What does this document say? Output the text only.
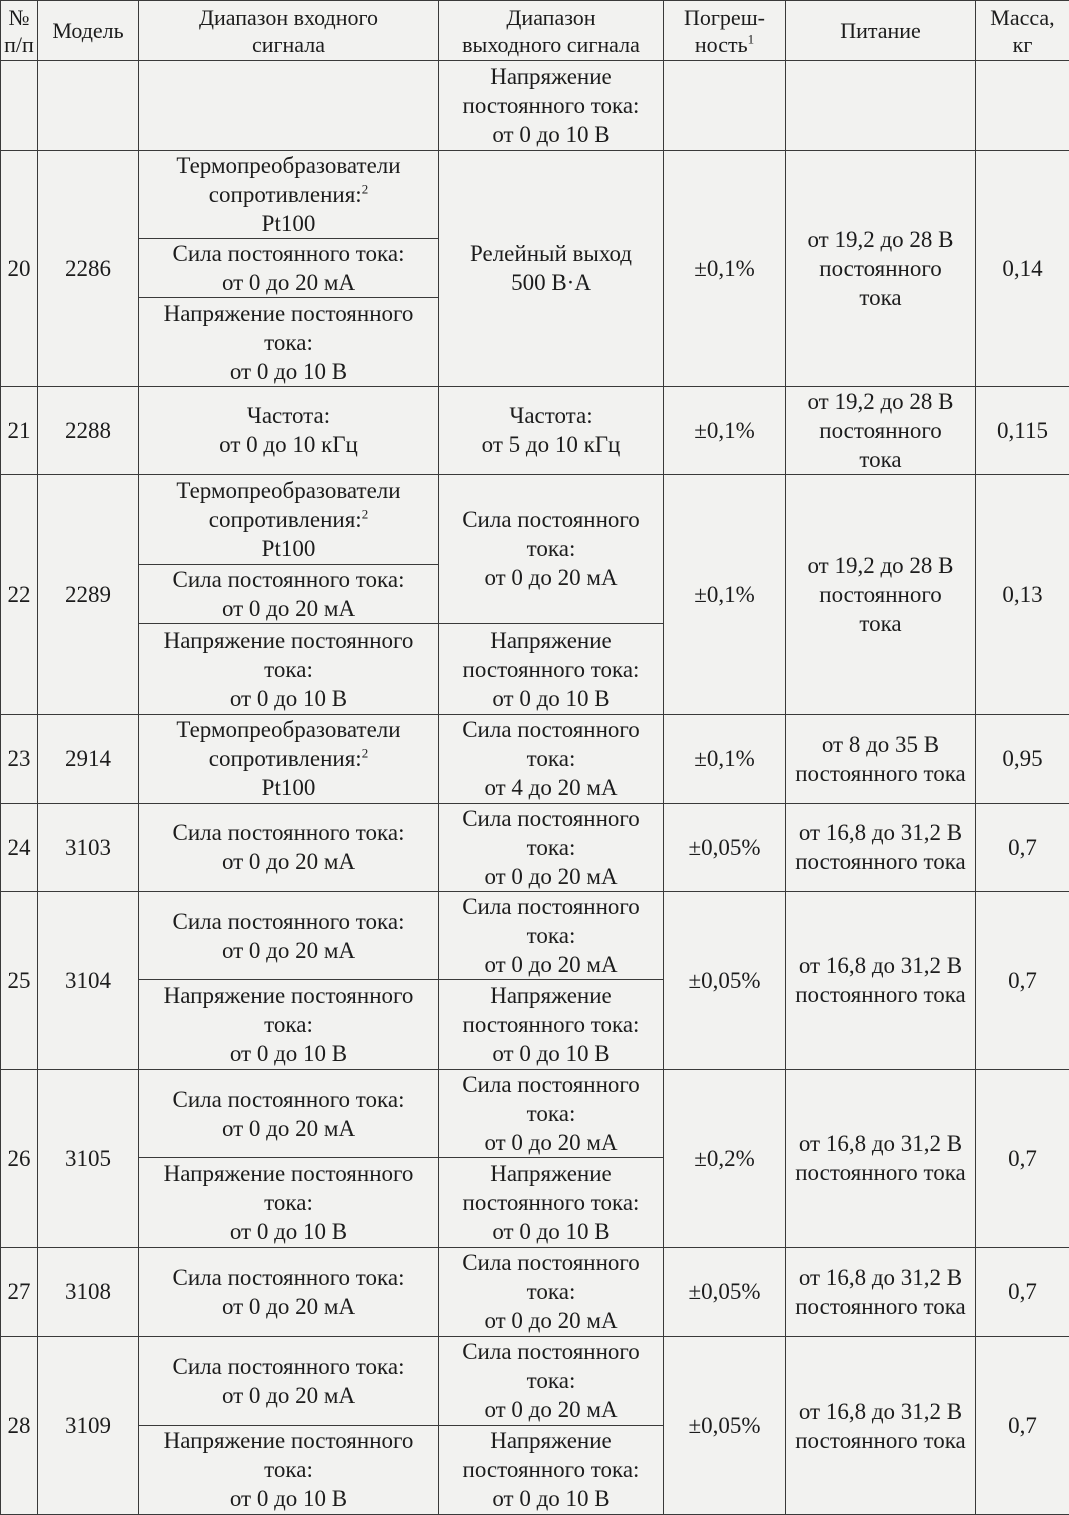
№
п/п	Модель	Диапазон входного
сигнала	Диапазон
выходного сигнала	Погреш-
ность$^1$	Питание	Масса,
кг
			Напряжение
постоянного тока:
от 0 до 10 В			
20	2286	Термопреобразователи
сопротивления:$^2$
Pt100	Релейный выход
500 В·А	±0,1%	от 19,2 до 28 В
постоянного
тока	0,14
		Сила постоянного тока:
от 0 до 20 мА				
		Напряжение постоянного
тока:
от 0 до 10 В				
21	2288	Частота:
от 0 до 10 кГц	Частота:
от 5 до 10 кГц	±0,1%	от 19,2 до 28 В
постоянного
тока	0,115
22	2289	Термопреобразователи
сопротивления:$^2$
Pt100	Сила постоянного
тока:
от 0 до 20 мА	±0,1%	от 19,2 до 28 В
постоянного
тока	0,13
		Сила постоянного тока:
от 0 до 20 мА				
		Напряжение постоянного
тока:
от 0 до 10 В	Напряжение
постоянного тока:
от 0 до 10 В			
23	2914	Термопреобразователи
сопротивления:$^2$
Pt100	Сила постоянного
тока:
от 4 до 20 мА	±0,1%	от 8 до 35 В
постоянного тока	0,95
24	3103	Сила постоянного тока:
от 0 до 20 мА	Сила постоянного
тока:
от 0 до 20 мА	±0,05%	от 16,8 до 31,2 В
постоянного тока	0,7
25	3104	Сила постоянного тока:
от 0 до 20 мА	Сила постоянного
тока:
от 0 до 20 мА	±0,05%	от 16,8 до 31,2 В
постоянного тока	0,7
		Напряжение постоянного
тока:
от 0 до 10 В	Напряжение
постоянного тока:
от 0 до 10 В			
26	3105	Сила постоянного тока:
от 0 до 20 мА	Сила постоянного
тока:
от 0 до 20 мА	±0,2%	от 16,8 до 31,2 В
постоянного тока	0,7
		Напряжение постоянного
тока:
от 0 до 10 В	Напряжение
постоянного тока:
от 0 до 10 В			
27	3108	Сила постоянного тока:
от 0 до 20 мА	Сила постоянного
тока:
от 0 до 20 мА	±0,05%	от 16,8 до 31,2 В
постоянного тока	0,7
28	3109	Сила постоянного тока:
от 0 до 20 мА	Сила постоянного
тока:
от 0 до 20 мА	±0,05%	от 16,8 до 31,2 В
постоянного тока	0,7
		Напряжение постоянного
тока:
от 0 до 10 В	Напряжение
постоянного тока:
от 0 до 10 В			
